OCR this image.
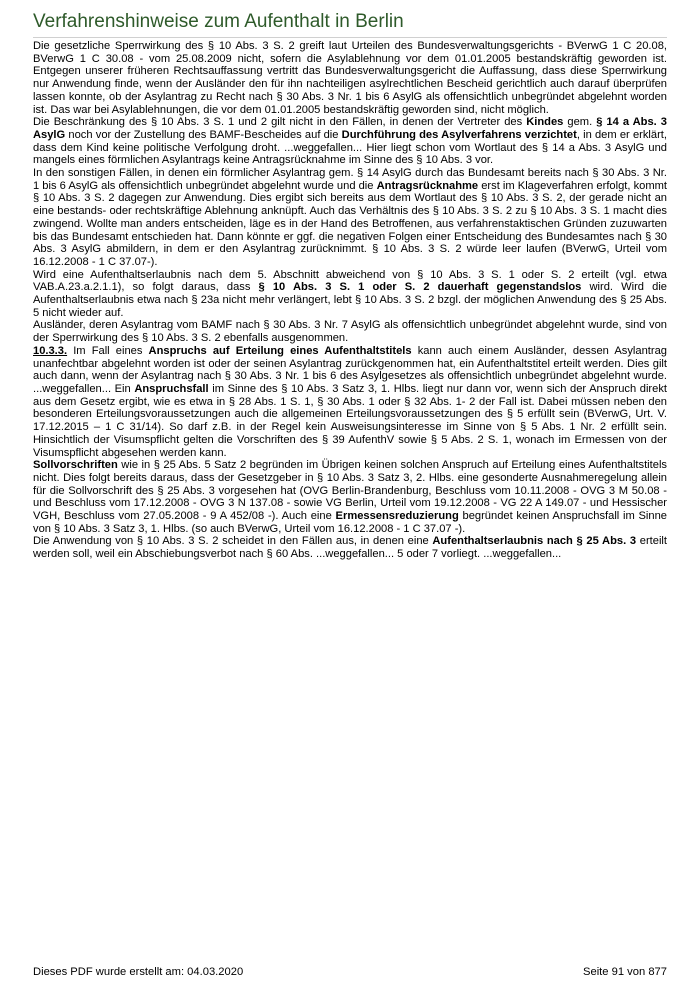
Verfahrenshinweise zum Aufenthalt in Berlin

Die gesetzliche Sperrwirkung des § 10 Abs. 3 S. 2 greift laut Urteilen des Bundesverwaltungsgerichts - BVerwG 1 C 20.08, BVerwG 1 C 30.08 - vom 25.08.2009 nicht, sofern die Asylablehnung vor dem 01.01.2005 bestandskräftig geworden ist. Entgegen unserer früheren Rechtsauffassung vertritt das Bundesverwaltungsgericht die Auffassung, dass diese Sperrwirkung nur Anwendung finde, wenn der Ausländer den für ihn nachteiligen asylrechtlichen Bescheid gerichtlich auch darauf überprüfen lassen konnte, ob der Asylantrag zu Recht nach § 30 Abs. 3 Nr. 1 bis 6 AsylG als offensichtlich unbegründet abgelehnt worden ist. Das war bei Asylablehnungen, die vor dem 01.01.2005 bestandskräftig geworden sind, nicht möglich.

Die Beschränkung des § 10 Abs. 3 S. 1 und 2 gilt nicht in den Fällen, in denen der Vertreter des Kindes gem. § 14 a Abs. 3 AsylG noch vor der Zustellung des BAMF-Bescheides auf die Durchführung des Asylverfahrens verzichtet, in dem er erklärt, dass dem Kind keine politische Verfolgung droht. ...weggefallen... Hier liegt schon vom Wortlaut des § 14 a Abs. 3 AsylG und mangels eines förmlichen Asylantrags keine Antragsrücknahme im Sinne des § 10 Abs. 3 vor.

In den sonstigen Fällen, in denen ein förmlicher Asylantrag gem. § 14 AsylG durch das Bundesamt bereits nach § 30 Abs. 3 Nr. 1 bis 6 AsylG als offensichtlich unbegründet abgelehnt wurde und die Antragsrücknahme erst im Klageverfahren erfolgt, kommt § 10 Abs. 3 S. 2 dagegen zur Anwendung. Dies ergibt sich bereits aus dem Wortlaut des § 10 Abs. 3 S. 2, der gerade nicht an eine bestands- oder rechtskräftige Ablehnung anknüpft. Auch das Verhältnis des § 10 Abs. 3 S. 2 zu § 10 Abs. 3 S. 1 macht dies zwingend. Wollte man anders entscheiden, läge es in der Hand des Betroffenen, aus verfahrenstaktischen Gründen zuzuwarten bis das Bundesamt entschieden hat. Dann könnte er ggf. die negativen Folgen einer Entscheidung des Bundesamtes nach § 30 Abs. 3 AsylG abmildern, in dem er den Asylantrag zurücknimmt. § 10 Abs. 3 S. 2 würde leer laufen (BVerwG, Urteil vom 16.12.2008 - 1 C 37.07-).

Wird eine Aufenthaltserlaubnis nach dem 5. Abschnitt abweichend von § 10 Abs. 3 S. 1 oder S. 2 erteilt (vgl. etwa VAB.A.23.a.2.1.1), so folgt daraus, dass § 10 Abs. 3 S. 1 oder S. 2 dauerhaft gegenstandslos wird. Wird die Aufenthaltserlaubnis etwa nach § 23a nicht mehr verlängert, lebt § 10 Abs. 3 S. 2 bzgl. der möglichen Anwendung des § 25 Abs. 5 nicht wieder auf.

Ausländer, deren Asylantrag vom BAMF nach § 30 Abs. 3 Nr. 7 AsylG als offensichtlich unbegründet abgelehnt wurde, sind von der Sperrwirkung des § 10 Abs. 3 S. 2 ebenfalls ausgenommen.

10.3.3. Im Fall eines Anspruchs auf Erteilung eines Aufenthaltstitels kann auch einem Ausländer, dessen Asylantrag unanfechtbar abgelehnt worden ist oder der seinen Asylantrag zurückgenommen hat, ein Aufenthaltstitel erteilt werden. Dies gilt auch dann, wenn der Asylantrag nach § 30 Abs. 3 Nr. 1 bis 6 des Asylgesetzes als offensichtlich unbegründet abgelehnt wurde. ...weggefallen... Ein Anspruchsfall im Sinne des § 10 Abs. 3 Satz 3, 1. Hlbs. liegt nur dann vor, wenn sich der Anspruch direkt aus dem Gesetz ergibt, wie es etwa in § 28 Abs. 1 S. 1, § 30 Abs. 1 oder § 32 Abs. 1- 2 der Fall ist. Dabei müssen neben den besonderen Erteilungsvoraussetzungen auch die allgemeinen Erteilungsvoraussetzungen des § 5 erfüllt sein (BVerwG, Urt. V. 17.12.2015 – 1 C 31/14). So darf z.B. in der Regel kein Ausweisungsinteresse im Sinne von § 5 Abs. 1 Nr. 2 erfüllt sein. Hinsichtlich der Visumspflicht gelten die Vorschriften des § 39 AufenthV sowie § 5 Abs. 2 S. 1, wonach im Ermessen von der Visumspflicht abgesehen werden kann.

Sollvorschriften wie in § 25 Abs. 5 Satz 2 begründen im Übrigen keinen solchen Anspruch auf Erteilung eines Aufenthaltstitels nicht. Dies folgt bereits daraus, dass der Gesetzgeber in § 10 Abs. 3 Satz 3, 2. Hlbs. eine gesonderte Ausnahmeregelung allein für die Sollvorschrift des § 25 Abs. 3 vorgesehen hat (OVG Berlin-Brandenburg, Beschluss vom 10.11.2008 - OVG 3 M 50.08 - und Beschluss vom 17.12.2008 - OVG 3 N 137.08 - sowie VG Berlin, Urteil vom 19.12.2008 - VG 22 A 149.07 - und Hessischer VGH, Beschluss vom 27.05.2008 - 9 A 452/08 -). Auch eine Ermessensreduzierung begründet keinen Anspruchsfall im Sinne von § 10 Abs. 3 Satz 3, 1. Hlbs. (so auch BVerwG, Urteil vom 16.12.2008 - 1 C 37.07 -).

Die Anwendung von § 10 Abs. 3 S. 2 scheidet in den Fällen aus, in denen eine Aufenthaltserlaubnis nach § 25 Abs. 3 erteilt werden soll, weil ein Abschiebungsverbot nach § 60 Abs. ...weggefallen... 5 oder 7 vorliegt. ...weggefallen...

Dieses PDF wurde erstellt am: 04.03.2020	Seite 91 von 877
